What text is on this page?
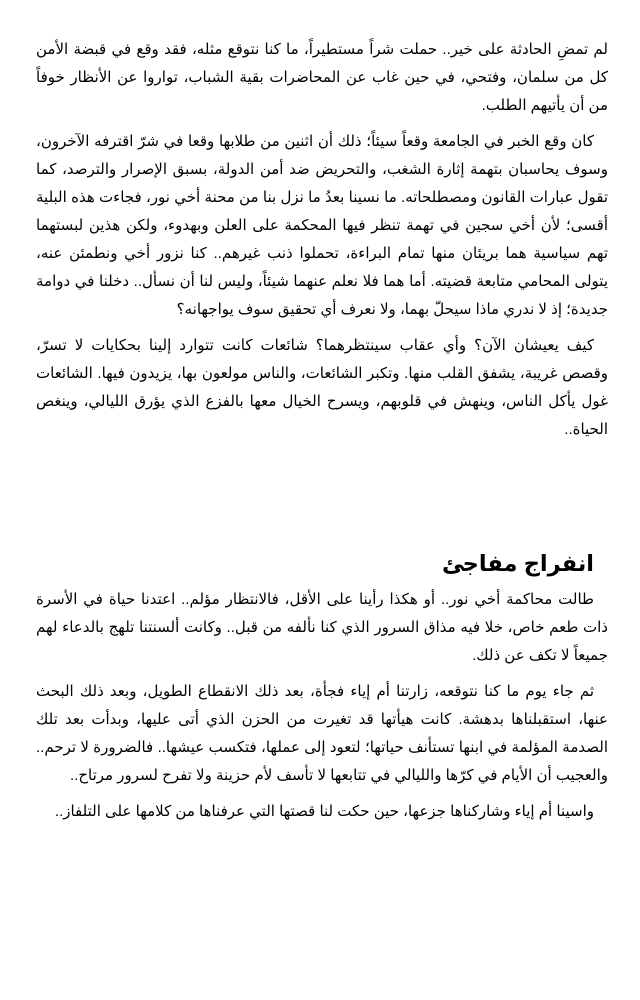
لم تمضِ الحادثة على خير.. حملت شراً مستطيراً، ما كنا نتوقع مثله، فقد وقع في قبضة الأمن كل من سلمان، وفتحي، في حين غاب عن المحاضرات بقية الشباب، تواروا عن الأنظار خوفاً من أن يأتيهم الطلب.

كان وقع الخبر في الجامعة وقعاً سيئاً؛ ذلك أن اثنين من طلابها وقعا في شرّ اقترفه الآخرون، وسوف يحاسبان بتهمة إثارة الشغب، والتحريض ضد أمن الدولة، بسبق الإصرار والترصد، كما تقول عبارات القانون ومصطلحاته. ما نسينا بعدُ ما نزل بنا من محنة أخي نور، فجاءت هذه البلية أقسى؛ لأن أخي سجين في تهمة تنظر فيها المحكمة على العلن وبهدوء، ولكن هذين لبستهما تهم سياسية هما بريئان منها تمام البراءة، تحملوا ذنب غيرهم.. كنا نزور أخي ونطمئن عنه، يتولى المحامي متابعة قضيته. أما هما فلا نعلم عنهما شيئاً، وليس لنا أن نسأل.. دخلنا في دوامة جديدة؛ إذ لا ندري ماذا سيحلّ بهما، ولا نعرف أي تحقيق سوف يواجهانه؟

كيف يعيشان الآن؟ وأي عقاب سينتظرهما؟ شائعات كانت تتوارد إلينا بحكايات لا تسرّ، وقصص غريبة، يشفق القلب منها. وتكبر الشائعات، والناس مولعون بها، يزيدون فيها. الشائعات غول يأكل الناس، وينهش في قلوبهم، ويسرح الخيال معها بالفزع الذي يؤرق الليالي، وينغص الحياة..

انفراج مفاجئ

طالت محاكمة أخي نور.. أو هكذا رأينا على الأقل، فالانتظار مؤلم.. اعتدنا حياة في الأسرة ذات طعم خاص، خلا فيه مذاق السرور الذي كنا نألفه من قبل.. وكانت ألسنتنا تلهج بالدعاء لهم جميعاً لا تكف عن ذلك.

ثم جاء يوم ما كنا نتوقعه، زارتنا أم إياء فجأة، بعد ذلك الانقطاع الطويل، وبعد ذلك البحث عنها، استقبلناها بدهشة. كانت هيأتها قد تغيرت من الحزن الذي أتى عليها، وبدأت بعد تلك الصدمة المؤلمة في ابنها تستأنف حياتها؛ لتعود إلى عملها، فتكسب عيشها.. فالضرورة لا ترحم.. والعجيب أن الأيام في كرّها والليالي في تتابعها لا تأسف لأم حزينة ولا تفرح لسرور مرتاح..

واسينا أم إياء وشاركناها جزعها، حين حكت لنا قصتها التي عرفناها من كلامها على التلفاز..
